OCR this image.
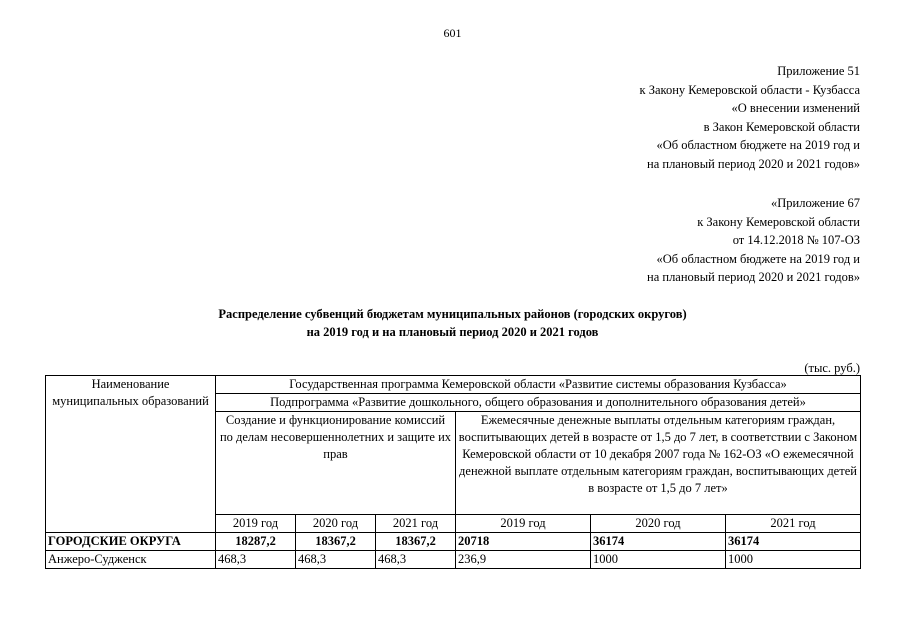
601
Приложение 51
к Закону Кемеровской области - Кузбасса
«О внесении изменений
в Закон Кемеровской области
«Об областном бюджете на 2019 год и
на плановый период 2020 и 2021 годов»
«Приложение 67
к Закону Кемеровской области
от 14.12.2018 № 107-ОЗ
«Об областном бюджете на 2019 год и
на плановый период 2020 и 2021 годов»
Распределение субвенций бюджетам муниципальных районов (городских округов)
на 2019 год и на плановый период 2020 и 2021 годов
(тыс. руб.)
Наименование муниципальных образований	Государственная программа Кемеровской области «Развитие системы образования Кузбасса»					
	Подпрограмма «Развитие дошкольного, общего образования и дополнительного образования детей»					
	Создание и функционирование комиссий по делам несовершеннолетних и защите их прав			Ежемесячные денежные выплаты отдельным категориям граждан, воспитывающих детей в возрасте от 1,5 до 7 лет, в соответствии с Законом Кемеровской области от 10 декабря 2007 года № 162-ОЗ «О ежемесячной денежной выплате отдельным категориям граждан, воспитывающих детей в возрасте от 1,5 до 7 лет»		
	2019 год	2020 год	2021 год	2019 год	2020 год	2021 год
ГОРОДСКИЕ ОКРУГА	18287,2	18367,2	18367,2	20718	36174	36174
Анжеро-Судженск	468,3	468,3	468,3	236,9	1000	1000
